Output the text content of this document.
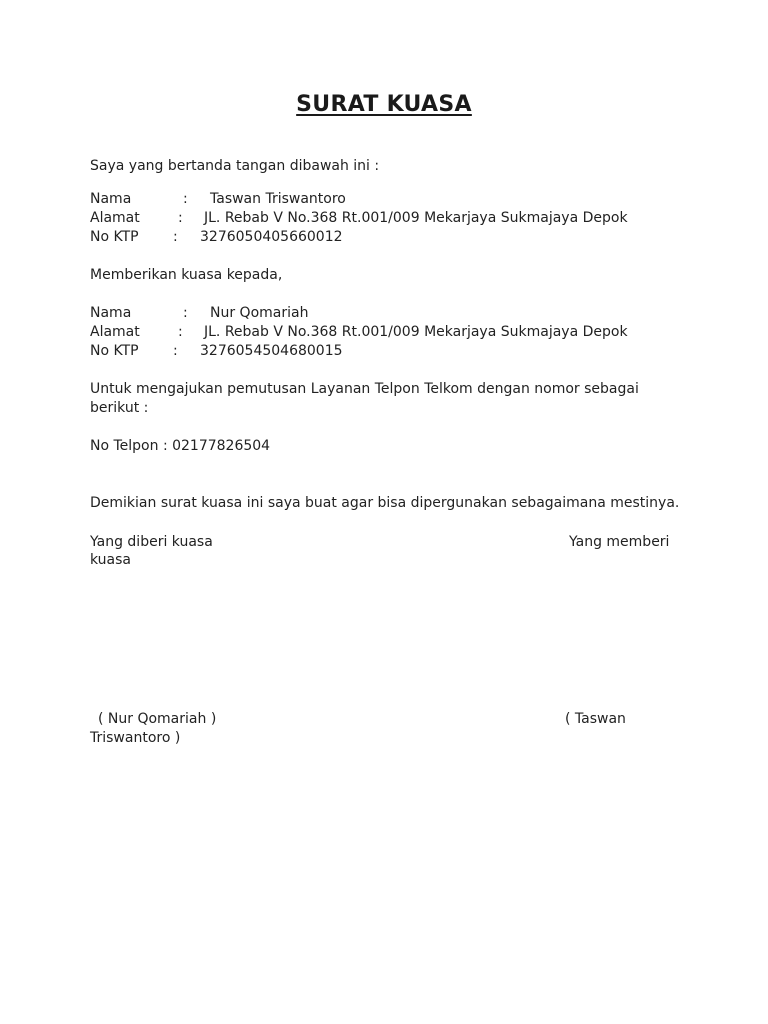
SURAT KUASA
Saya yang bertanda tangan dibawah ini :
Nama	: Taswan Triswantoro
Alamat	: JL. Rebab V No.368 Rt.001/009 Mekarjaya Sukmajaya Depok
No KTP : 3276050405660012
Memberikan kuasa kepada,
Nama	: Nur Qomariah
Alamat	: JL. Rebab V No.368 Rt.001/009 Mekarjaya Sukmajaya Depok
No KTP : 3276054504680015
Untuk mengajukan pemutusan Layanan Telpon Telkom dengan nomor sebagai
berikut :
No Telpon : 02177826504
Demikian surat kuasa ini saya buat agar bisa dipergunakan sebagaimana mestinya.
Yang diberi kuasa	Yang memberi
kuasa
( Nur Qomariah )	( Taswan
Triswantoro )
